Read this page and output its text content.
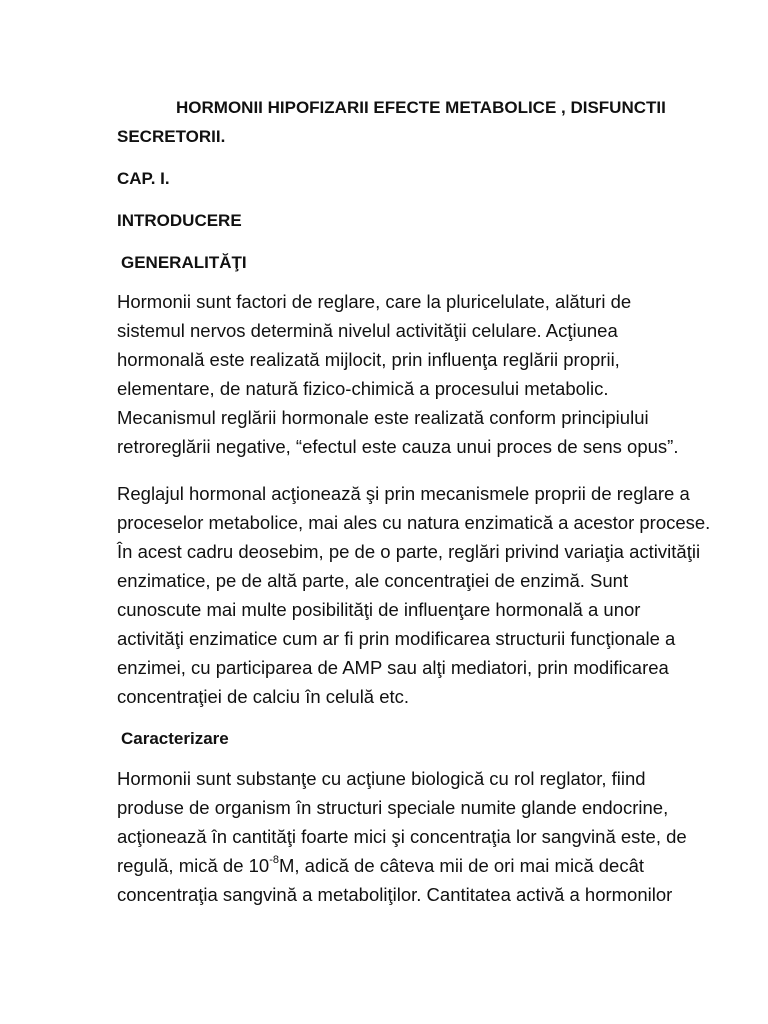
HORMONII HIPOFIZARII EFECTE METABOLICE , DISFUNCTII
SECRETORII.
CAP. I.
INTRODUCERE
GENERALITĂŢI
Hormonii sunt factori de reglare, care la pluricelulate, alături de
sistemul nervos determină nivelul activităţii celulare. Acţiunea
hormonală este realizată mijlocit, prin influenţa reglării proprii,
elementare, de natură fizico-chimică a procesului metabolic.
Mecanismul reglării hormonale este realizată conform principiului
retroreglării negative, “efectul este cauza unui proces de sens opus”.
Reglajul hormonal acţionează şi prin mecanismele proprii de reglare a
proceselor metabolice, mai ales cu natura enzimatică a acestor procese.
În acest cadru deosebim, pe de o parte, reglări privind variaţia activităţii
enzimatice, pe de altă parte, ale concentraţiei de enzimă. Sunt
cunoscute mai multe posibilităţi de influenţare hormonală a unor
activităţi enzimatice cum ar fi prin modificarea structurii funcţionale a
enzimei, cu participarea de AMP sau alţi mediatori, prin modificarea
concentraţiei de calciu în celulă etc.
Caracterizare
Hormonii sunt substanţe cu acţiune biologică cu rol reglator, fiind
produse de organism în structuri speciale numite glande endocrine,
acţionează în cantităţi foarte mici şi concentraţia lor sangvină este, de
regulă, mică de $10^{-8}M$, adică de câteva mii de ori mai mică decât
concentraţia sangvină a metaboliţilor. Cantitatea activă a hormonilor
